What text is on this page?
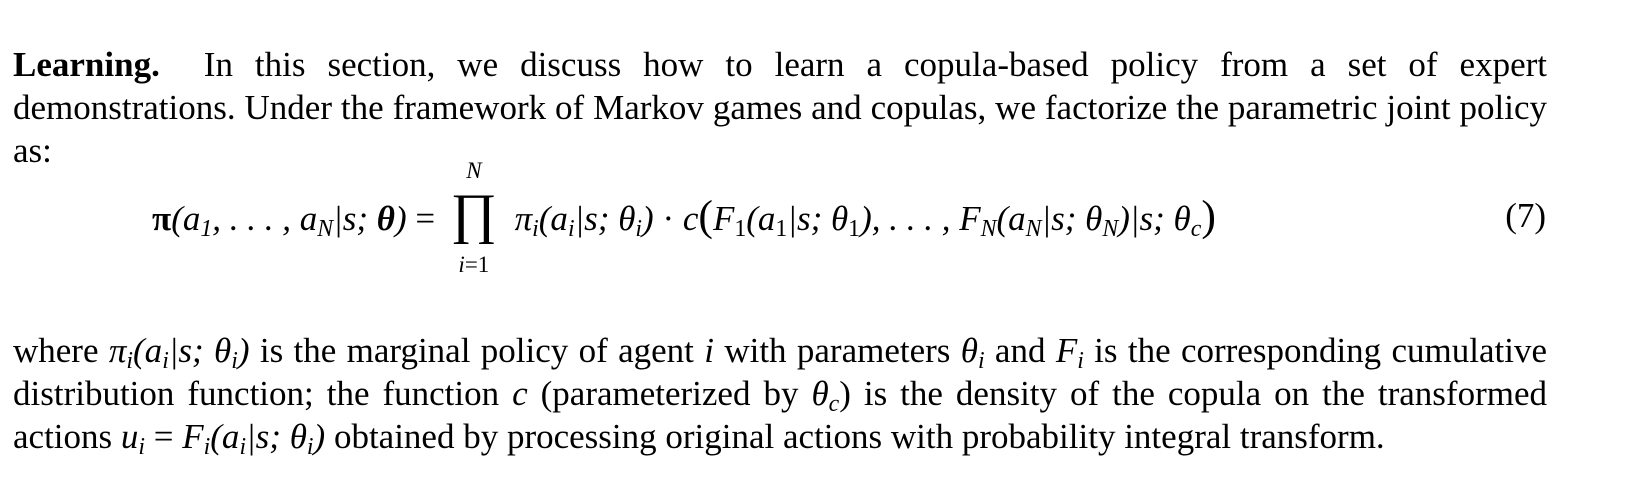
Learning. In this section, we discuss how to learn a copula-based policy from a set of expert demonstrations. Under the framework of Markov games and copulas, we factorize the parametric joint policy as:

$\pi(a_1$, . . . , $a_N|s$; θ) =
N
∏
i=1
$\pi_i(a_i|s$; $\theta_i) \cdot c(F_1(a_1|s$; $\theta_1$), . . . , $F_N(a_N|s$; $\theta_N)|s$; $\theta_c$)	(7)

where $\pi_i(a_i|s$; $\theta_i$) is the marginal policy of agent i with parameters $\theta_i$ and $F_i$ is the corresponding cumulative distribution function; the function c (parameterized by $\theta_c$) is the density of the copula on the transformed actions $u_i = F_i(a_i|s$; $\theta_i$) obtained by processing original actions with probability integral transform.
